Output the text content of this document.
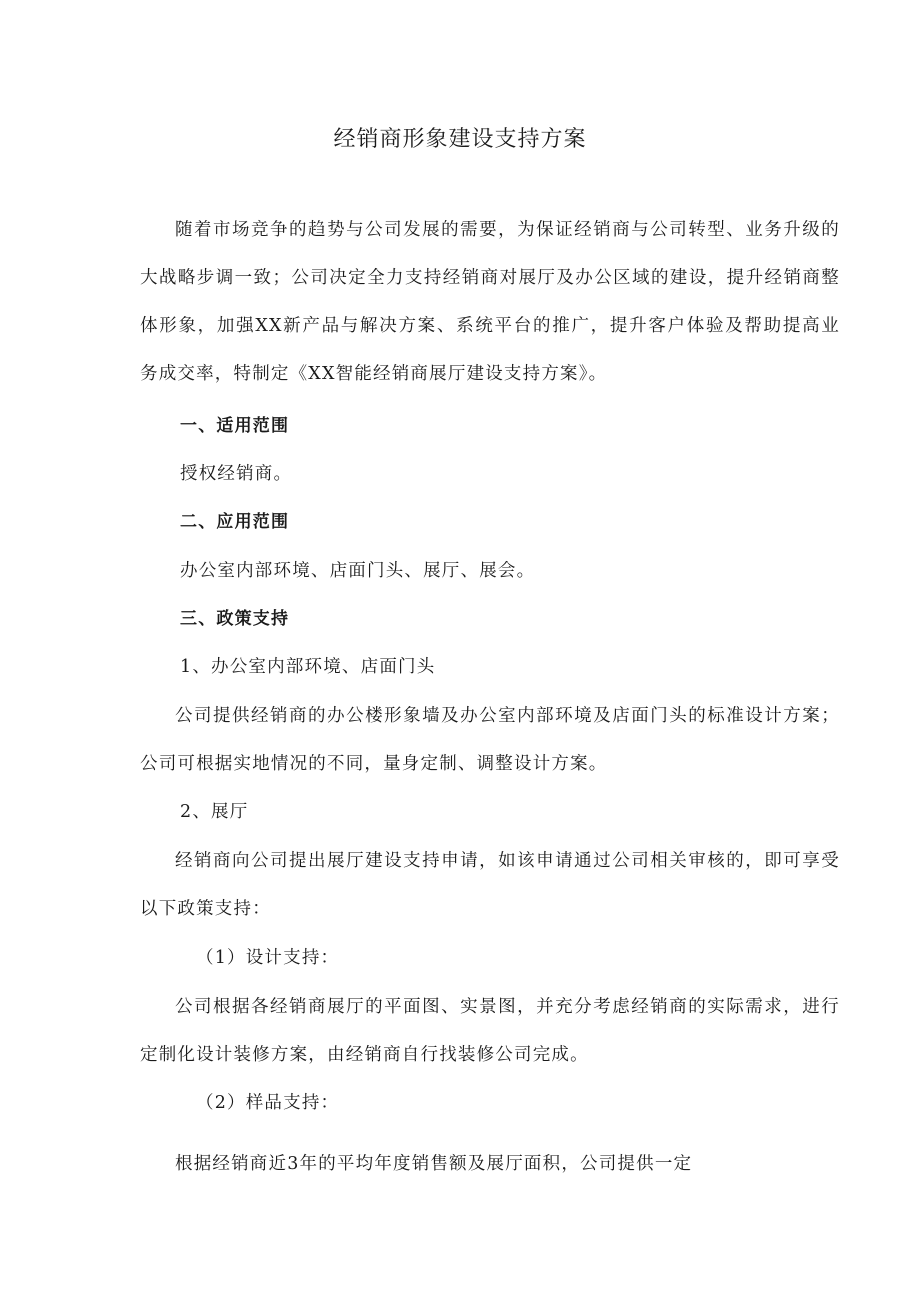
经销商形象建设支持方案

随着市场竞争的趋势与公司发展的需要，为保证经销商与公司转型、业务升级的大战略步调一致；公司决定全力支持经销商对展厅及办公区域的建设，提升经销商整体形象，加强XX新产品与解决方案、系统平台的推广，提升客户体验及帮助提高业务成交率，特制定《XX智能经销商展厅建设支持方案》。

一、适用范围

授权经销商。

二、应用范围

办公室内部环境、店面门头、展厅、展会。

三、政策支持

1、办公室内部环境、店面门头

公司提供经销商的办公楼形象墙及办公室内部环境及店面门头的标准设计方案；公司可根据实地情况的不同，量身定制、调整设计方案。

2、展厅

经销商向公司提出展厅建设支持申请，如该申请通过公司相关审核的，即可享受以下政策支持：

（1）设计支持：

公司根据各经销商展厅的平面图、实景图，并充分考虑经销商的实际需求，进行定制化设计装修方案，由经销商自行找装修公司完成。

（2）样品支持：

根据经销商近3年的平均年度销售额及展厅面积，公司提供一定
